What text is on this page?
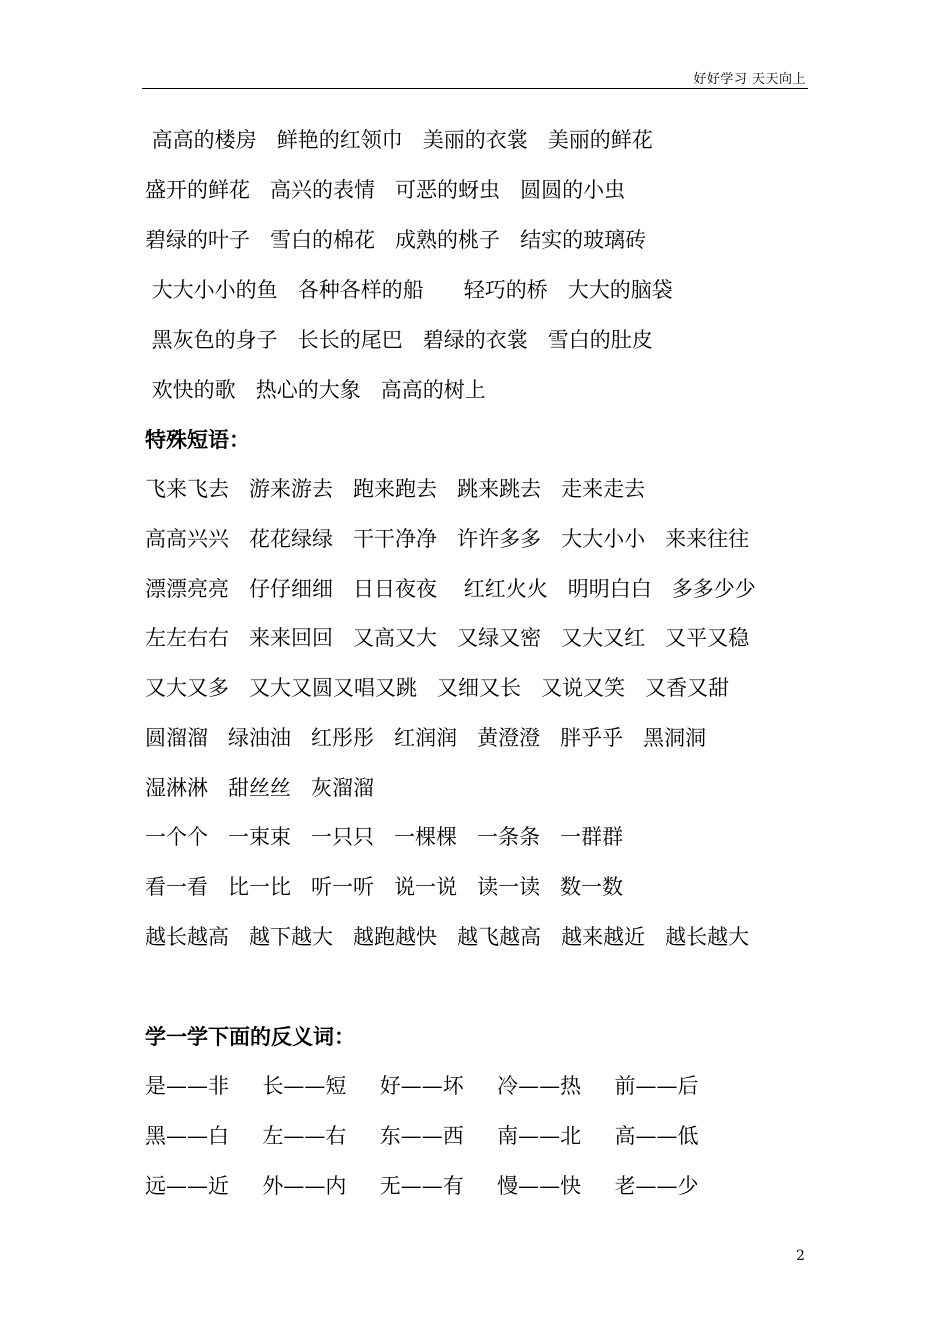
好好学习 天天向上
高高的楼房   鲜艳的红领巾   美丽的衣裳   美丽的鲜花
盛开的鲜花   高兴的表情   可恶的蚜虫   圆圆的小虫
碧绿的叶子   雪白的棉花   成熟的桃子   结实的玻璃砖
大大小小的鱼   各种各样的船      轻巧的桥   大大的脑袋
黑灰色的身子   长长的尾巴   碧绿的衣裳   雪白的肚皮
欢快的歌   热心的大象   高高的树上
特殊短语：
飞来飞去   游来游去   跑来跑去   跳来跳去   走来走去
高高兴兴   花花绿绿   干干净净   许许多多   大大小小   来来往往
漂漂亮亮   仔仔细细   日日夜夜    红红火火   明明白白   多多少少
左左右右   来来回回   又高又大   又绿又密   又大又红   又平又稳
又大又多   又大又圆又唱又跳   又细又长   又说又笑   又香又甜
圆溜溜   绿油油   红彤彤   红润润   黄澄澄   胖乎乎   黑洞洞
湿淋淋   甜丝丝   灰溜溜
一个个   一束束   一只只   一棵棵   一条条   一群群
看一看   比一比   听一听   说一说   读一读   数一数
越长越高   越下越大   越跑越快   越飞越高   越来越近   越长越大
学一学下面的反义词：
是——非     长——短     好——坏     冷——热     前——后
黑——白     左——右     东——西     南——北     高——低
远——近     外——内     无——有     慢——快     老——少
2
